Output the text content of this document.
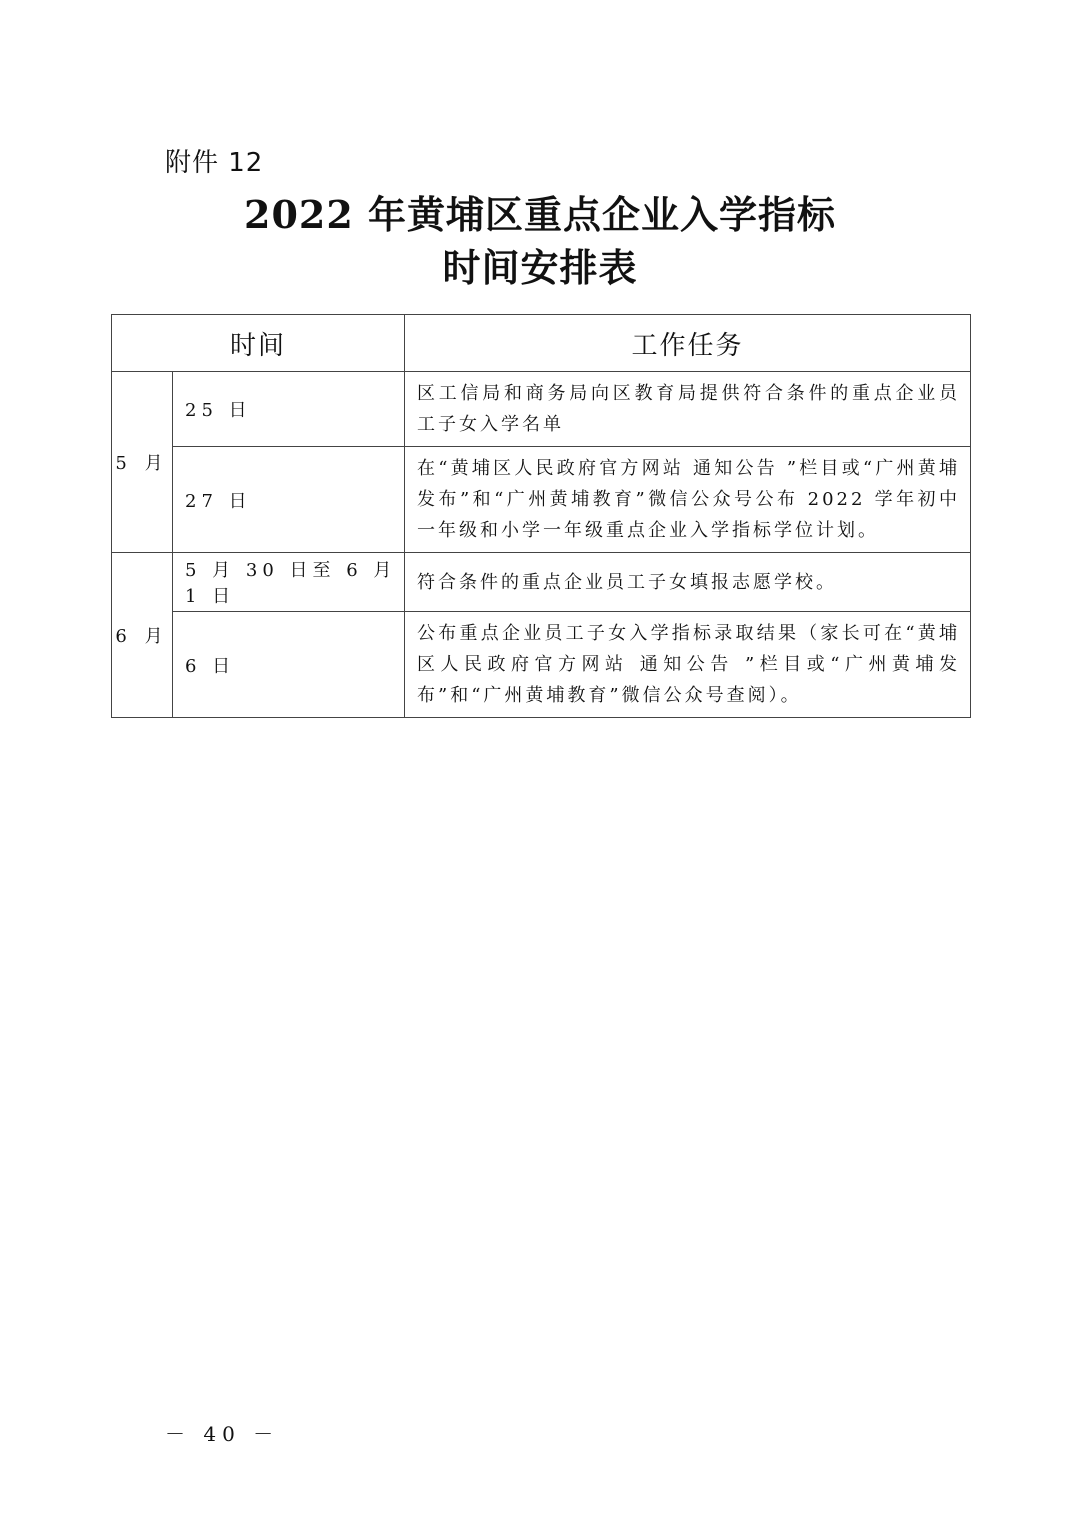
附件 12
2022 年黄埔区重点企业入学指标
时间安排表
时间		工作任务
5 月	25 日	区工信局和商务局向区教育局提供符合条件的重点企业员工子女入学名单
	27 日	在“黄埔区人民政府官方网站 通知公告 ”栏目或“广州黄埔发布”和“广州黄埔教育”微信公众号公布 2022 学年初中一年级和小学一年级重点企业入学指标学位计划。
6 月	5 月 30 日至 6 月 1 日	符合条件的重点企业员工子女填报志愿学校。
	6 日	公布重点企业员工子女入学指标录取结果（家长可在“黄埔区人民政府官方网站 通知公告 ”栏目或“广州黄埔发布”和“广州黄埔教育”微信公众号查阅）。
－ 40 －
